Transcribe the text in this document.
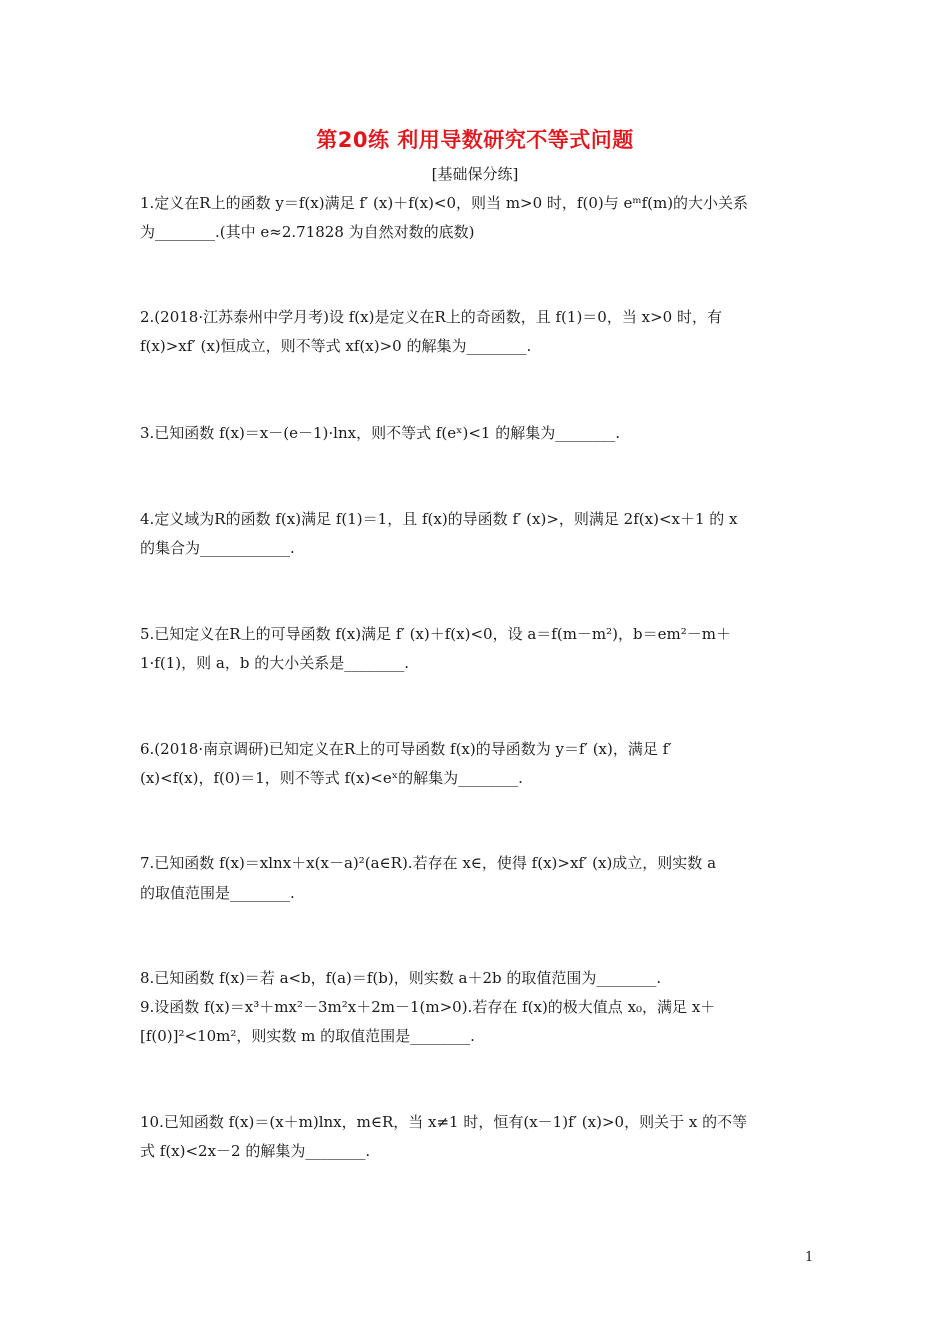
第20练 利用导数研究不等式问题
[基础保分练]
1.定义在R上的函数 y＝f(x)满足 f′ (x)＋f(x)<0，则当 m>0 时，f(0)与 eᵐf(m)的大小关系
为________.(其中 e≈2.71828 为自然对数的底数)
2.(2018·江苏泰州中学月考)设 f(x)是定义在R上的奇函数，且 f(1)＝0，当 x>0 时，有
f(x)>xf′ (x)恒成立，则不等式 xf(x)>0 的解集为________.
3.已知函数 f(x)＝x－(e－1)·lnx，则不等式 f(eˣ)<1 的解集为________.
4.定义域为R的函数 f(x)满足 f(1)＝1，且 f(x)的导函数 f′ (x)>，则满足 2f(x)<x＋1 的 x
的集合为____________.
5.已知定义在R上的可导函数 f(x)满足 f′ (x)＋f(x)<0，设 a＝f(m－m²)，b＝em²－m＋
1·f(1)，则 a，b 的大小关系是________.
6.(2018·南京调研)已知定义在R上的可导函数 f(x)的导函数为 y＝f′ (x)，满足 f′
(x)<f(x)，f(0)＝1，则不等式 f(x)<eˣ的解集为________.
7.已知函数 f(x)＝xlnx＋x(x－a)²(a∈R).若存在 x∈，使得 f(x)>xf′ (x)成立，则实数 a
的取值范围是________.
8.已知函数 f(x)＝若 a<b，f(a)＝f(b)，则实数 a＋2b 的取值范围为________.
9.设函数 f(x)＝x³＋mx²－3m²x＋2m－1(m>0).若存在 f(x)的极大值点 x₀，满足 x＋
[f(0)]²<10m²，则实数 m 的取值范围是________.
10.已知函数 f(x)＝(x＋m)lnx，m∈R，当 x≠1 时，恒有(x－1)f′ (x)>0，则关于 x 的不等
式 f(x)<2x－2 的解集为________.
1
